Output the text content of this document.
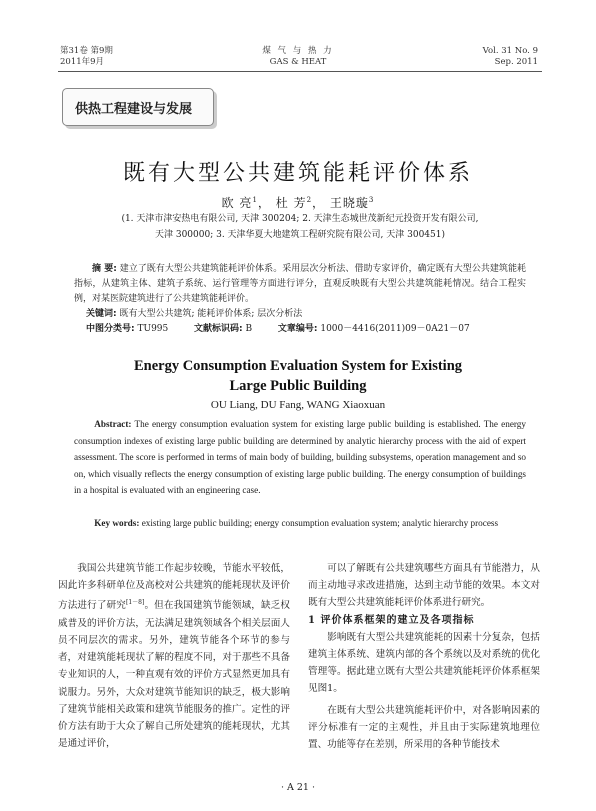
第31卷 第9期
2011年9月
煤 气 与 热 力
GAS & HEAT
Vol. 31 No. 9
Sep. 2011
供热工程建设与发展
既有大型公共建筑能耗评价体系
欧 亮$^1$， 杜 芳$^2$， 王晓璇$^3$
(1. 天津市津安热电有限公司, 天津 300204; 2. 天津生态城世茂新纪元投资开发有限公司,
天津 300000; 3. 天津华夏大地建筑工程研究院有限公司, 天津 300451)
摘 要: 建立了既有大型公共建筑能耗评价体系。采用层次分析法、借助专家评价，确定既有大型公共建筑能耗指标，从建筑主体、建筑子系统、运行管理等方面进行评分，直观反映既有大型公共建筑能耗情况。结合工程实例，对某医院建筑进行了公共建筑能耗评价。
关键词: 既有大型公共建筑; 能耗评价体系; 层次分析法
中图分类号: TU995	文献标识码: B	文章编号: 1000－4416(2011)09－0A21－07
Energy Consumption Evaluation System for Existing
Large Public Building
OU Liang, DU Fang, WANG Xiaoxuan
Abstract: The energy consumption evaluation system for existing large public building is established. The energy consumption indexes of existing large public building are determined by analytic hierarchy process with the aid of expert assessment. The score is performed in terms of main body of building, building subsystems, operation management and so on, which visually reflects the energy consumption of existing large public building. The energy consumption of buildings in a hospital is evaluated with an engineering case.
Key words: existing large public building; energy consumption evaluation system; analytic hierarchy process
我国公共建筑节能工作起步较晚，节能水平较低，因此许多科研单位及高校对公共建筑的能耗现状及评价方法进行了研究[1－8]。但在我国建筑节能领域，缺乏权威普及的评价方法，无法满足建筑领域各个相关层面人员不同层次的需求。另外，建筑节能各个环节的参与者，对建筑能耗现状了解的程度不同，对于那些不具备专业知识的人，一种直观有效的评价方式显然更加具有说服力。另外，大众对建筑节能知识的缺乏，极大影响了建筑节能相关政策和建筑节能服务的推广。定性的评价方法有助于大众了解自己所处建筑的能耗现状，尤其是通过评价，
可以了解既有公共建筑哪些方面具有节能潜力，从而主动地寻求改进措施，达到主动节能的效果。本文对既有大型公共建筑能耗评价体系进行研究。
1 评价体系框架的建立及各项指标
影响既有大型公共建筑能耗的因素十分复杂，包括建筑主体系统、建筑内部的各个系统以及对系统的优化管理等。据此建立既有大型公共建筑能耗评价体系框架见图1。
在既有大型公共建筑能耗评价中，对各影响因素的评分标准有一定的主观性，并且由于实际建筑地理位置、功能等存在差别，所采用的各种节能技术
· A 21 ·
